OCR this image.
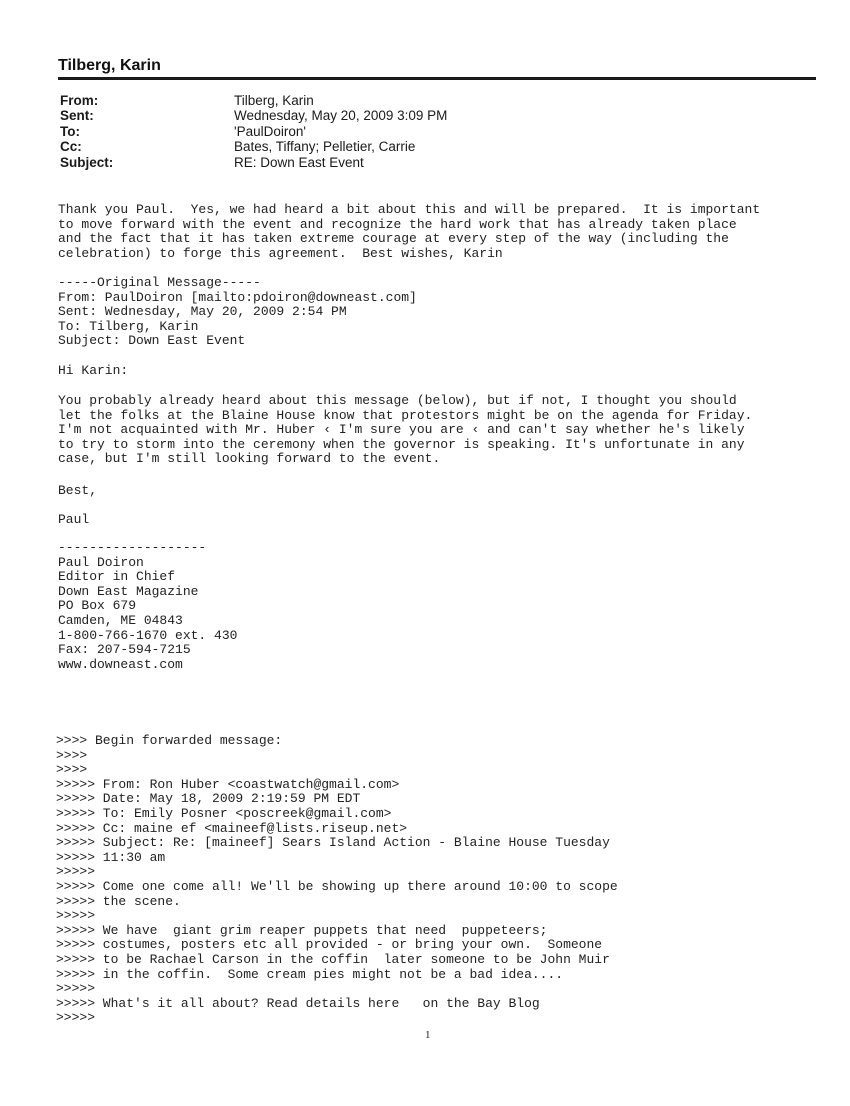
Tilberg, Karin
From:	Tilberg, Karin
Sent:	Wednesday, May 20, 2009 3:09 PM
To:	'PaulDoiron'
Cc:	Bates, Tiffany; Pelletier, Carrie
Subject:	RE: Down East Event
Thank you Paul.  Yes, we had heard a bit about this and will be prepared.  It is important
to move forward with the event and recognize the hard work that has already taken place
and the fact that it has taken extreme courage at every step of the way (including the
celebration) to forge this agreement.  Best wishes, Karin
-----Original Message-----
From: PaulDoiron [mailto:pdoiron@downeast.com]
Sent: Wednesday, May 20, 2009 2:54 PM
To: Tilberg, Karin
Subject: Down East Event
Hi Karin:
You probably already heard about this message (below), but if not, I thought you should
let the folks at the Blaine House know that protestors might be on the agenda for Friday.
I'm not acquainted with Mr. Huber ‹ I'm sure you are ‹ and can't say whether he's likely
to try to storm into the ceremony when the governor is speaking. It's unfortunate in any
case, but I'm still looking forward to the event.
Best,
Paul
-------------------
Paul Doiron
Editor in Chief
Down East Magazine
PO Box 679
Camden, ME 04843
1-800-766-1670 ext. 430
Fax: 207-594-7215
www.downeast.com
>>>> Begin forwarded message:
>>>>
>>>>
>>>>> From: Ron Huber <coastwatch@gmail.com>
>>>>> Date: May 18, 2009 2:19:59 PM EDT
>>>>> To: Emily Posner <poscreek@gmail.com>
>>>>> Cc: maine ef <maineef@lists.riseup.net>
>>>>> Subject: Re: [maineef] Sears Island Action - Blaine House Tuesday
>>>>> 11:30 am
>>>>>
>>>>> Come one come all! We'll be showing up there around 10:00 to scope
>>>>> the scene.
>>>>>
>>>>> We have  giant grim reaper puppets that need  puppeteers;
>>>>> costumes, posters etc all provided - or bring your own.  Someone
>>>>> to be Rachael Carson in the coffin  later someone to be John Muir
>>>>> in the coffin.  Some cream pies might not be a bad idea....
>>>>>
>>>>> What's it all about? Read details here   on the Bay Blog
>>>>>
1
